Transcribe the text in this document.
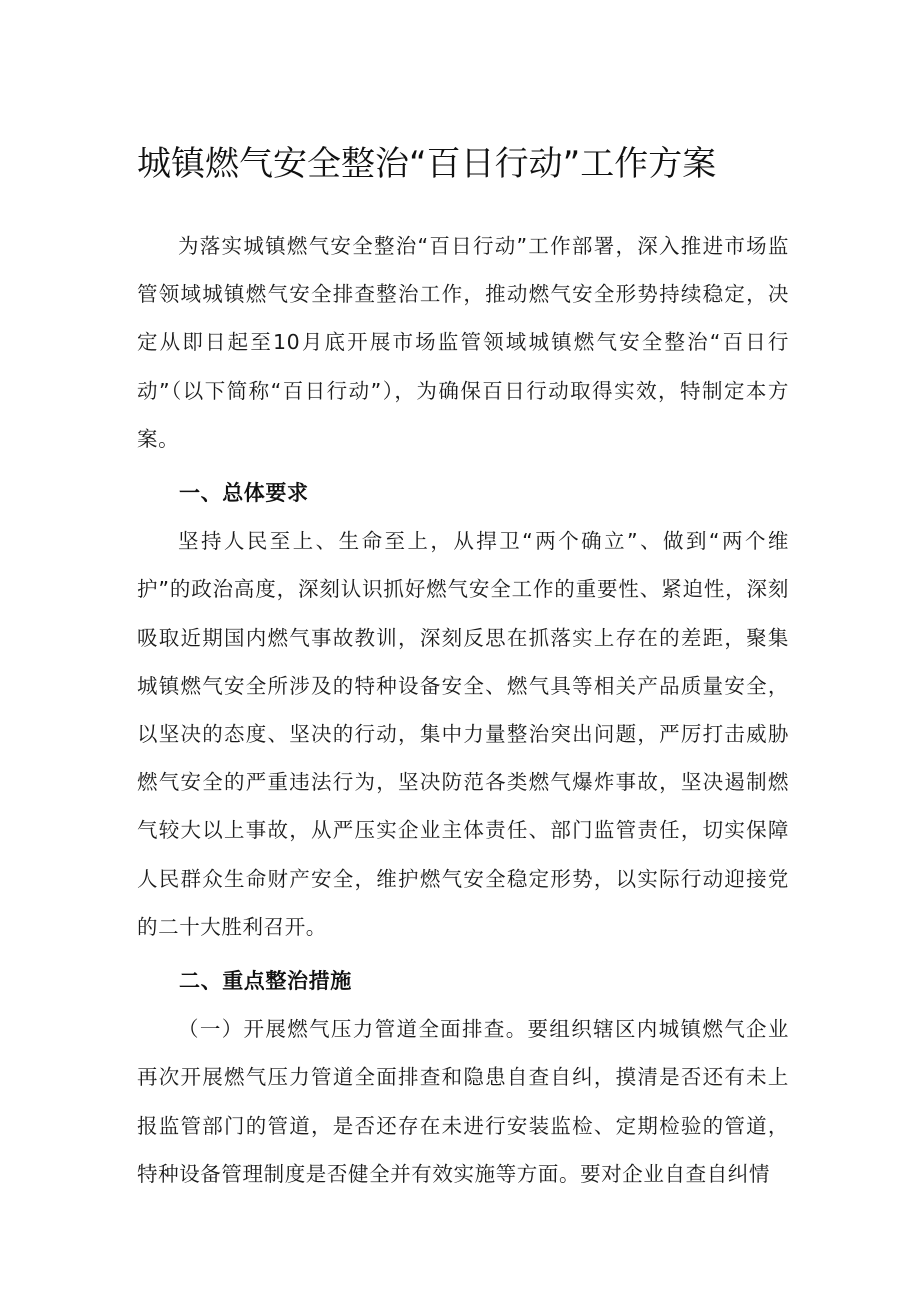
城镇燃气安全整治“百日行动”工作方案

为落实城镇燃气安全整治“百日行动”工作部署，深入推进市场监管领域城镇燃气安全排查整治工作，推动燃气安全形势持续稳定，决定从即日起至10月底开展市场监管领域城镇燃气安全整治“百日行动”（以下简称“百日行动”），为确保百日行动取得实效，特制定本方案。

一、总体要求

坚持人民至上、生命至上，从捍卫“两个确立”、做到“两个维护”的政治高度，深刻认识抓好燃气安全工作的重要性、紧迫性，深刻吸取近期国内燃气事故教训，深刻反思在抓落实上存在的差距，聚集城镇燃气安全所涉及的特种设备安全、燃气具等相关产品质量安全，以坚决的态度、坚决的行动，集中力量整治突出问题，严厉打击威胁燃气安全的严重违法行为，坚决防范各类燃气爆炸事故，坚决遏制燃气较大以上事故，从严压实企业主体责任、部门监管责任，切实保障人民群众生命财产安全，维护燃气安全稳定形势，以实际行动迎接党的二十大胜利召开。

二、重点整治措施

（一）开展燃气压力管道全面排查。要组织辖区内城镇燃气企业再次开展燃气压力管道全面排查和隐患自查自纠，摸清是否还有未上报监管部门的管道，是否还存在未进行安装监检、定期检验的管道，特种设备管理制度是否健全并有效实施等方面。要对企业自查自纠情
